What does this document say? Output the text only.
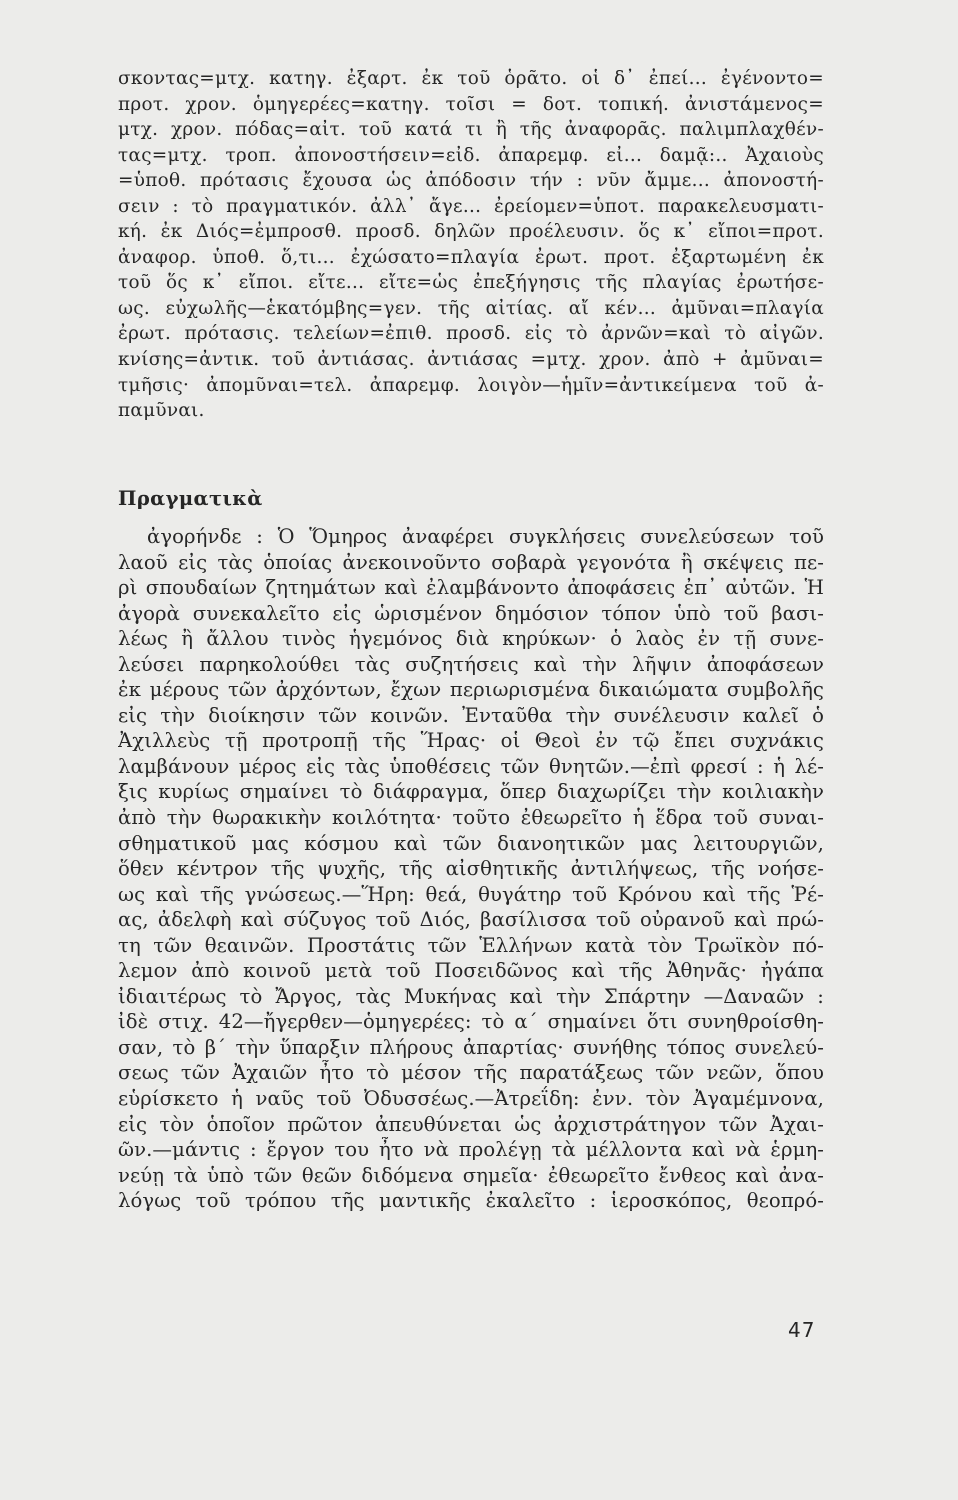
σκοντας=μτχ. κατηγ. ἐξαρτ. ἐκ τοῦ ὁρᾶτο. οἱ δ᾽ ἐπεί... ἐγένοντο=
προτ. χρον. ὁμηγερέες=κατηγ. τοῖσι = δοτ. τοπική. ἀνιστάμενος=
μτχ. χρον. πόδας=αἰτ. τοῦ κατά τι ἢ τῆς ἀναφορᾶς. παλιμπλαχθέν-
τας=μτχ. τροπ. ἀπονοστήσειν=εἰδ. ἀπαρεμφ. εἰ... δαμᾷ:.. Ἀχαιοὺς
=ὑποθ. πρότασις ἔχουσα ὡς ἀπόδοσιν τήν : νῦν ἄμμε... ἀπονοστή-
σειν : τὸ πραγματικόν. ἀλλ᾽ ἄγε... ἐρείομεν=ὑποτ. παρακελευσματι-
κή. ἐκ Διός=ἐμπροσθ. προσδ. δηλῶν προέλευσιν. ὅς κ᾽ εἴποι=προτ.
ἀναφορ. ὑποθ. ὅ,τι... ἐχώσατο=πλαγία ἐρωτ. προτ. ἐξαρτωμένη ἐκ
τοῦ ὅς κ᾽ εἴποι. εἴτε... εἴτε=ὡς ἐπεξήγησις τῆς πλαγίας ἐρωτήσε-
ως. εὐχωλῆς—ἑκατόμβης=γεν. τῆς αἰτίας. αἴ κέν... ἀμῦναι=πλαγία
ἐρωτ. πρότασις. τελείων=ἐπιθ. προσδ. εἰς τὸ ἀρνῶν=καὶ τὸ αἰγῶν.
κνίσης=ἀντικ. τοῦ ἀντιάσας. ἀντιάσας =μτχ. χρον. ἀπὸ + ἀμῦναι=
τμῆσις· ἀπομῦναι=τελ. ἀπαρεμφ. λοιγὸν—ἡμῖν=ἀντικείμενα τοῦ ἀ-
παμῦναι.
Πραγματικὰ
ἀγορήνδε : Ὁ Ὅμηρος ἀναφέρει συγκλήσεις συνελεύσεων τοῦ
λαοῦ εἰς τὰς ὁποίας ἀνεκοινοῦντο σοβαρὰ γεγονότα ἢ σκέψεις πε-
ρὶ σπουδαίων ζητημάτων καὶ ἐλαμβάνοντο ἀποφάσεις ἐπ᾽ αὐτῶν. Ἡ
ἀγορὰ συνεκαλεῖτο εἰς ὡρισμένον δημόσιον τόπον ὑπὸ τοῦ βασι-
λέως ἢ ἄλλου τινὸς ἡγεμόνος διὰ κηρύκων· ὁ λαὸς ἐν τῇ συνε-
λεύσει παρηκολούθει τὰς συζητήσεις καὶ τὴν λῆψιν ἀποφάσεων
ἐκ μέρους τῶν ἀρχόντων, ἔχων περιωρισμένα δικαιώματα συμβολῆς
εἰς τὴν διοίκησιν τῶν κοινῶν. Ἐνταῦθα τὴν συνέλευσιν καλεῖ ὁ
Ἀχιλλεὺς τῇ προτροπῇ τῆς Ἥρας· οἱ Θεοὶ ἐν τῷ ἔπει συχνάκις
λαμβάνουν μέρος εἰς τὰς ὑποθέσεις τῶν θνητῶν.—ἐπὶ φρεσί : ἡ λέ-
ξις κυρίως σημαίνει τὸ διάφραγμα, ὅπερ διαχωρίζει τὴν κοιλιακὴν
ἀπὸ τὴν θωρακικὴν κοιλότητα· τοῦτο ἐθεωρεῖτο ἡ ἕδρα τοῦ συναι-
σθηματικοῦ μας κόσμου καὶ τῶν διανοητικῶν μας λειτουργιῶν,
ὅθεν κέντρον τῆς ψυχῆς, τῆς αἰσθητικῆς ἀντιλήψεως, τῆς νοήσε-
ως καὶ τῆς γνώσεως.—Ἥρη: θεά, θυγάτηρ τοῦ Κρόνου καὶ τῆς Ῥέ-
ας, ἀδελφὴ καὶ σύζυγος τοῦ Διός, βασίλισσα τοῦ οὐρανοῦ καὶ πρώ-
τη τῶν θεαινῶν. Προστάτις τῶν Ἑλλήνων κατὰ τὸν Τρωϊκὸν πό-
λεμον ἀπὸ κοινοῦ μετὰ τοῦ Ποσειδῶνος καὶ τῆς Ἀθηνᾶς· ἠγάπα
ἰδιαιτέρως τὸ Ἄργος, τὰς Μυκήνας καὶ τὴν Σπάρτην —Δαναῶν :
ἰδὲ στιχ. 42—ἤγερθεν—ὁμηγερέες: τὸ α´ σημαίνει ὅτι συνηθροίσθη-
σαν, τὸ β´ τὴν ὕπαρξιν πλήρους ἀπαρτίας· συνήθης τόπος συνελεύ-
σεως τῶν Ἀχαιῶν ἦτο τὸ μέσον τῆς παρατάξεως τῶν νεῶν, ὅπου
εὑρίσκετο ἡ ναῦς τοῦ Ὀδυσσέως.—Ἀτρεΐδη: ἐνν. τὸν Ἀγαμέμνονα,
εἰς τὸν ὁποῖον πρῶτον ἀπευθύνεται ὡς ἀρχιστράτηγον τῶν Ἀχαι-
ῶν.—μάντις : ἔργον του ἦτο νὰ προλέγῃ τὰ μέλλοντα καὶ νὰ ἑρμη-
νεύῃ τὰ ὑπὸ τῶν θεῶν διδόμενα σημεῖα· ἐθεωρεῖτο ἔνθεος καὶ ἀνα-
λόγως τοῦ τρόπου τῆς μαντικῆς ἐκαλεῖτο : ἱεροσκόπος, θεοπρό-
47
